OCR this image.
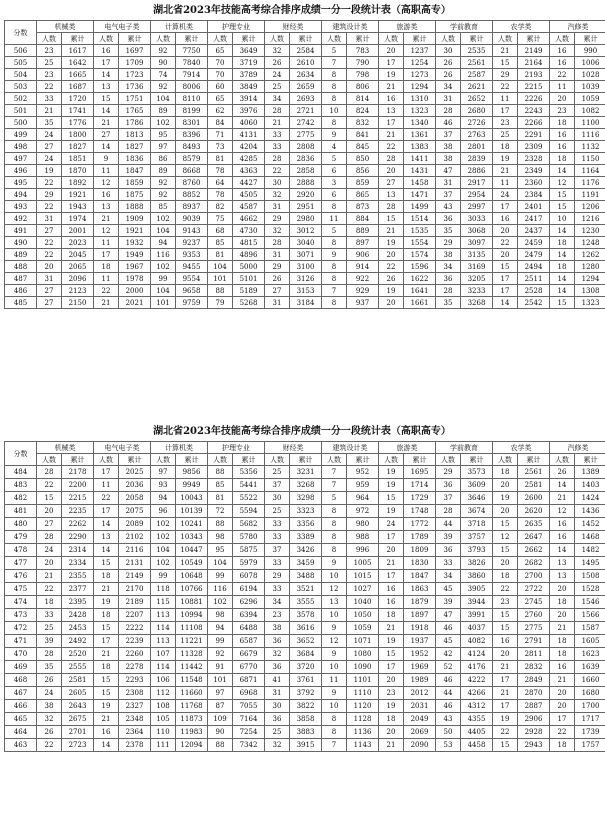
湖北省2023年技能高考综合排序成绩一分一段统计表（高职高专）
分数	机械类		电气电子类		计算机类		护理专业		财经类		建筑设计类		旅游类		学前教育		农学类		汽修类	
	人数	累计	人数	累计	人数	累计	人数	累计	人数	累计	人数	累计	人数	累计	人数	累计	人数	累计	人数	累计
506	23	1617	16	1697	92	7750	65	3649	32	2584	5	783	20	1237	30	2535	21	2149	16	990
505	25	1642	17	1709	90	7840	70	3719	26	2610	7	790	17	1254	26	2561	15	2164	16	1006
504	23	1665	14	1723	74	7914	70	3789	24	2634	8	798	19	1273	26	2587	29	2193	22	1028
503	22	1687	13	1736	92	8006	60	3849	25	2659	8	806	21	1294	34	2621	22	2215	11	1039
502	33	1720	15	1751	104	8110	65	3914	34	2693	8	814	16	1310	31	2652	11	2226	20	1059
501	21	1741	14	1765	89	8199	62	3976	28	2721	10	824	13	1323	28	2680	17	2243	23	1082
500	35	1776	21	1786	102	8301	84	4060	21	2742	8	832	17	1340	46	2726	23	2266	18	1100
499	24	1800	27	1813	95	8396	71	4131	33	2775	9	841	21	1361	37	2763	25	2291	16	1116
498	27	1827	14	1827	97	8493	73	4204	33	2808	4	845	22	1383	38	2801	18	2309	16	1132
497	24	1851	9	1836	86	8579	81	4285	28	2836	5	850	28	1411	38	2839	19	2328	18	1150
496	19	1870	11	1847	89	8668	78	4363	22	2858	6	856	20	1431	47	2886	21	2349	14	1164
495	22	1892	12	1859	92	8760	64	4427	30	2888	3	859	27	1458	31	2917	11	2360	12	1176
494	29	1921	16	1875	92	8852	78	4505	32	2920	6	865	13	1471	37	2954	24	2384	15	1191
493	22	1943	13	1888	85	8937	82	4587	31	2951	8	873	28	1499	43	2997	17	2401	15	1206
492	31	1974	21	1909	102	9039	75	4662	29	2980	11	884	15	1514	36	3033	16	2417	10	1216
491	27	2001	12	1921	104	9143	68	4730	32	3012	5	889	21	1535	35	3068	20	2437	14	1230
490	22	2023	11	1932	94	9237	85	4815	28	3040	8	897	19	1554	29	3097	22	2459	18	1248
489	22	2045	17	1949	116	9353	81	4896	31	3071	9	906	20	1574	38	3135	20	2479	14	1262
488	20	2065	18	1967	102	9455	104	5000	29	3100	8	914	22	1596	34	3169	15	2494	18	1280
487	31	2096	11	1978	99	9554	101	5101	26	3126	8	922	26	1622	36	3205	17	2511	14	1294
486	27	2123	22	2000	104	9658	88	5189	27	3153	7	929	19	1641	28	3233	17	2528	14	1308
485	27	2150	21	2021	101	9759	79	5268	31	3184	8	937	20	1661	35	3268	14	2542	15	1323
湖北省2023年技能高考综合排序成绩一分一段统计表（高职高专）
分数	机械类		电气电子类		计算机类		护理专业		财经类		建筑设计类		旅游类		学前教育		农学类		汽修类	
	人数	累计	人数	累计	人数	累计	人数	累计	人数	累计	人数	累计	人数	累计	人数	累计	人数	累计	人数	累计
484	28	2178	17	2025	97	9856	88	5356	25	3231	7	952	19	1695	29	3573	18	2561	26	1389
483	22	2200	11	2036	93	9949	85	5441	37	3268	7	959	19	1714	36	3609	20	2581	14	1403
482	15	2215	22	2058	94	10043	81	5522	30	3298	5	964	15	1729	37	3646	19	2600	21	1424
481	20	2235	17	2075	96	10139	72	5594	25	3323	8	972	19	1748	28	3674	20	2620	12	1436
480	27	2262	14	2089	102	10241	88	5682	33	3356	8	980	24	1772	44	3718	15	2635	16	1452
479	28	2290	13	2102	102	10343	98	5780	33	3389	8	988	17	1789	39	3757	12	2647	16	1468
478	24	2314	14	2116	104	10447	95	5875	37	3426	8	996	20	1809	36	3793	15	2662	14	1482
477	20	2334	15	2131	102	10549	104	5979	33	3459	9	1005	21	1830	33	3826	20	2682	13	1495
476	21	2355	18	2149	99	10648	99	6078	29	3488	10	1015	17	1847	34	3860	18	2700	13	1508
475	22	2377	21	2170	118	10766	116	6194	33	3521	12	1027	16	1863	45	3905	22	2722	20	1528
474	18	2395	19	2189	115	10881	102	6296	34	3555	13	1040	16	1879	39	3944	23	2745	18	1546
473	33	2428	18	2207	113	10994	98	6394	23	3578	10	1050	18	1897	47	3991	15	2760	20	1566
472	25	2453	15	2222	114	11108	94	6488	38	3616	9	1059	21	1918	46	4037	15	2775	21	1587
471	39	2492	17	2239	113	11221	99	6587	36	3652	12	1071	19	1937	45	4082	16	2791	18	1605
470	28	2520	21	2260	107	11328	92	6679	32	3684	9	1080	15	1952	42	4124	20	2811	18	1623
469	35	2555	18	2278	114	11442	91	6770	36	3720	10	1090	17	1969	52	4176	21	2832	16	1639
468	26	2581	15	2293	106	11548	101	6871	41	3761	11	1101	20	1989	46	4222	17	2849	21	1660
467	24	2605	15	2308	112	11660	97	6968	31	3792	9	1110	23	2012	44	4266	21	2870	20	1680
466	38	2643	19	2327	108	11768	87	7055	30	3822	10	1120	19	2031	46	4312	17	2887	20	1700
465	32	2675	21	2348	105	11873	109	7164	36	3858	8	1128	18	2049	43	4355	19	2906	17	1717
464	26	2701	16	2364	110	11983	90	7254	25	3883	8	1136	20	2069	50	4405	22	2928	22	1739
463	22	2723	14	2378	111	12094	88	7342	32	3915	7	1143	21	2090	53	4458	15	2943	18	1757
